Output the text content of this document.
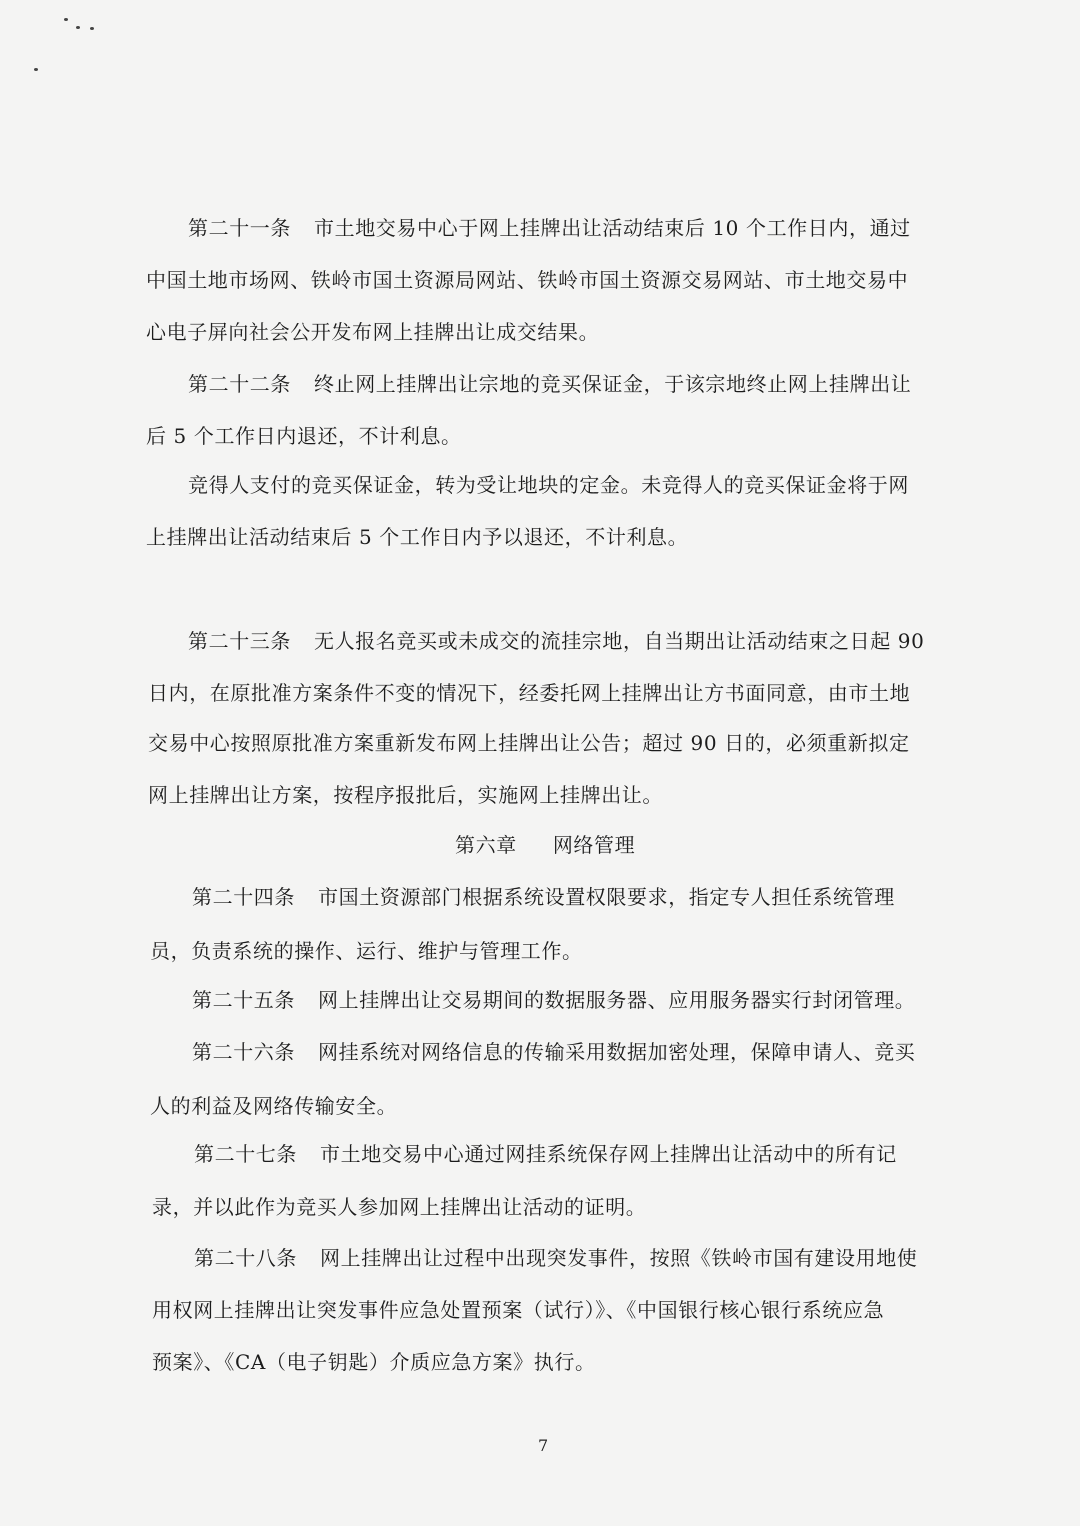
第二十一条 市土地交易中心于网上挂牌出让活动结束后 10 个工作日内，通过
中国土地市场网、铁岭市国土资源局网站、铁岭市国土资源交易网站、市土地交易中
心电子屏向社会公开发布网上挂牌出让成交结果。
第二十二条 终止网上挂牌出让宗地的竞买保证金，于该宗地终止网上挂牌出让
后 5 个工作日内退还，不计利息。
竞得人支付的竞买保证金，转为受让地块的定金。未竞得人的竞买保证金将于网
上挂牌出让活动结束后 5 个工作日内予以退还，不计利息。
第二十三条 无人报名竞买或未成交的流挂宗地，自当期出让活动结束之日起 90
日内，在原批准方案条件不变的情况下，经委托网上挂牌出让方书面同意，由市土地
交易中心按照原批准方案重新发布网上挂牌出让公告；超过 90 日的，必须重新拟定
网上挂牌出让方案，按程序报批后，实施网上挂牌出让。
第六章 网络管理
第二十四条 市国土资源部门根据系统设置权限要求，指定专人担任系统管理
员，负责系统的操作、运行、维护与管理工作。
第二十五条 网上挂牌出让交易期间的数据服务器、应用服务器实行封闭管理。
第二十六条 网挂系统对网络信息的传输采用数据加密处理，保障申请人、竞买
人的利益及网络传输安全。
第二十七条 市土地交易中心通过网挂系统保存网上挂牌出让活动中的所有记
录，并以此作为竞买人参加网上挂牌出让活动的证明。
第二十八条 网上挂牌出让过程中出现突发事件，按照《铁岭市国有建设用地使
用权网上挂牌出让突发事件应急处置预案（试行）》、《中国银行核心银行系统应急
预案》、《CA（电子钥匙）介质应急方案》执行。
7
